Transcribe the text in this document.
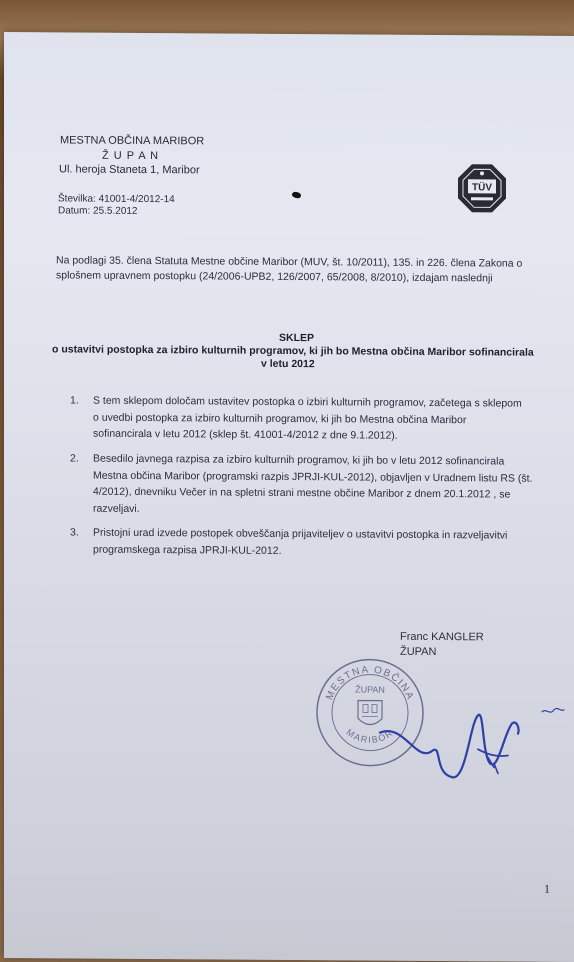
MESTNA OBČINA MARIBOR
Ž U P A N
Ul. heroja Staneta 1, Maribor
Številka: 41001-4/2012-14
Datum: 25.5.2012
TÜV
Na podlagi 35. člena Statuta Mestne občine Maribor (MUV, št. 10/2011), 135. in 226. člena Zakona o
splošnem upravnem postopku (24/2006-UPB2, 126/2007, 65/2008, 8/2010), izdajam naslednji
SKLEP
o ustavitvi postopka za izbiro kulturnih programov, ki jih bo Mestna občina Maribor sofinancirala
v letu 2012
1. S tem sklepom določam ustavitev postopka o izbiri kulturnih programov, začetega s sklepom
o uvedbi postopka za izbiro kulturnih programov, ki jih bo Mestna občina Maribor
sofinancirala v letu 2012 (sklep št. 41001-4/2012 z dne 9.1.2012).
2. Besedilo javnega razpisa za izbiro kulturnih programov, ki jih bo v letu 2012 sofinancirala
Mestna občina Maribor (programski razpis JPRJI-KUL-2012), objavljen v Uradnem listu RS (št.
4/2012), dnevniku Večer in na spletni strani mestne občine Maribor z dnem 20.1.2012 , se
razveljavi.
3. Pristojni urad izvede postopek obveščanja prijaviteljev o ustavitvi postopka in razveljavitvi
programskega razpisa JPRJI-KUL-2012.
Franc KANGLER
ŽUPAN
MESTNA OBČINA
ŽUPAN
MARIBOR
1
